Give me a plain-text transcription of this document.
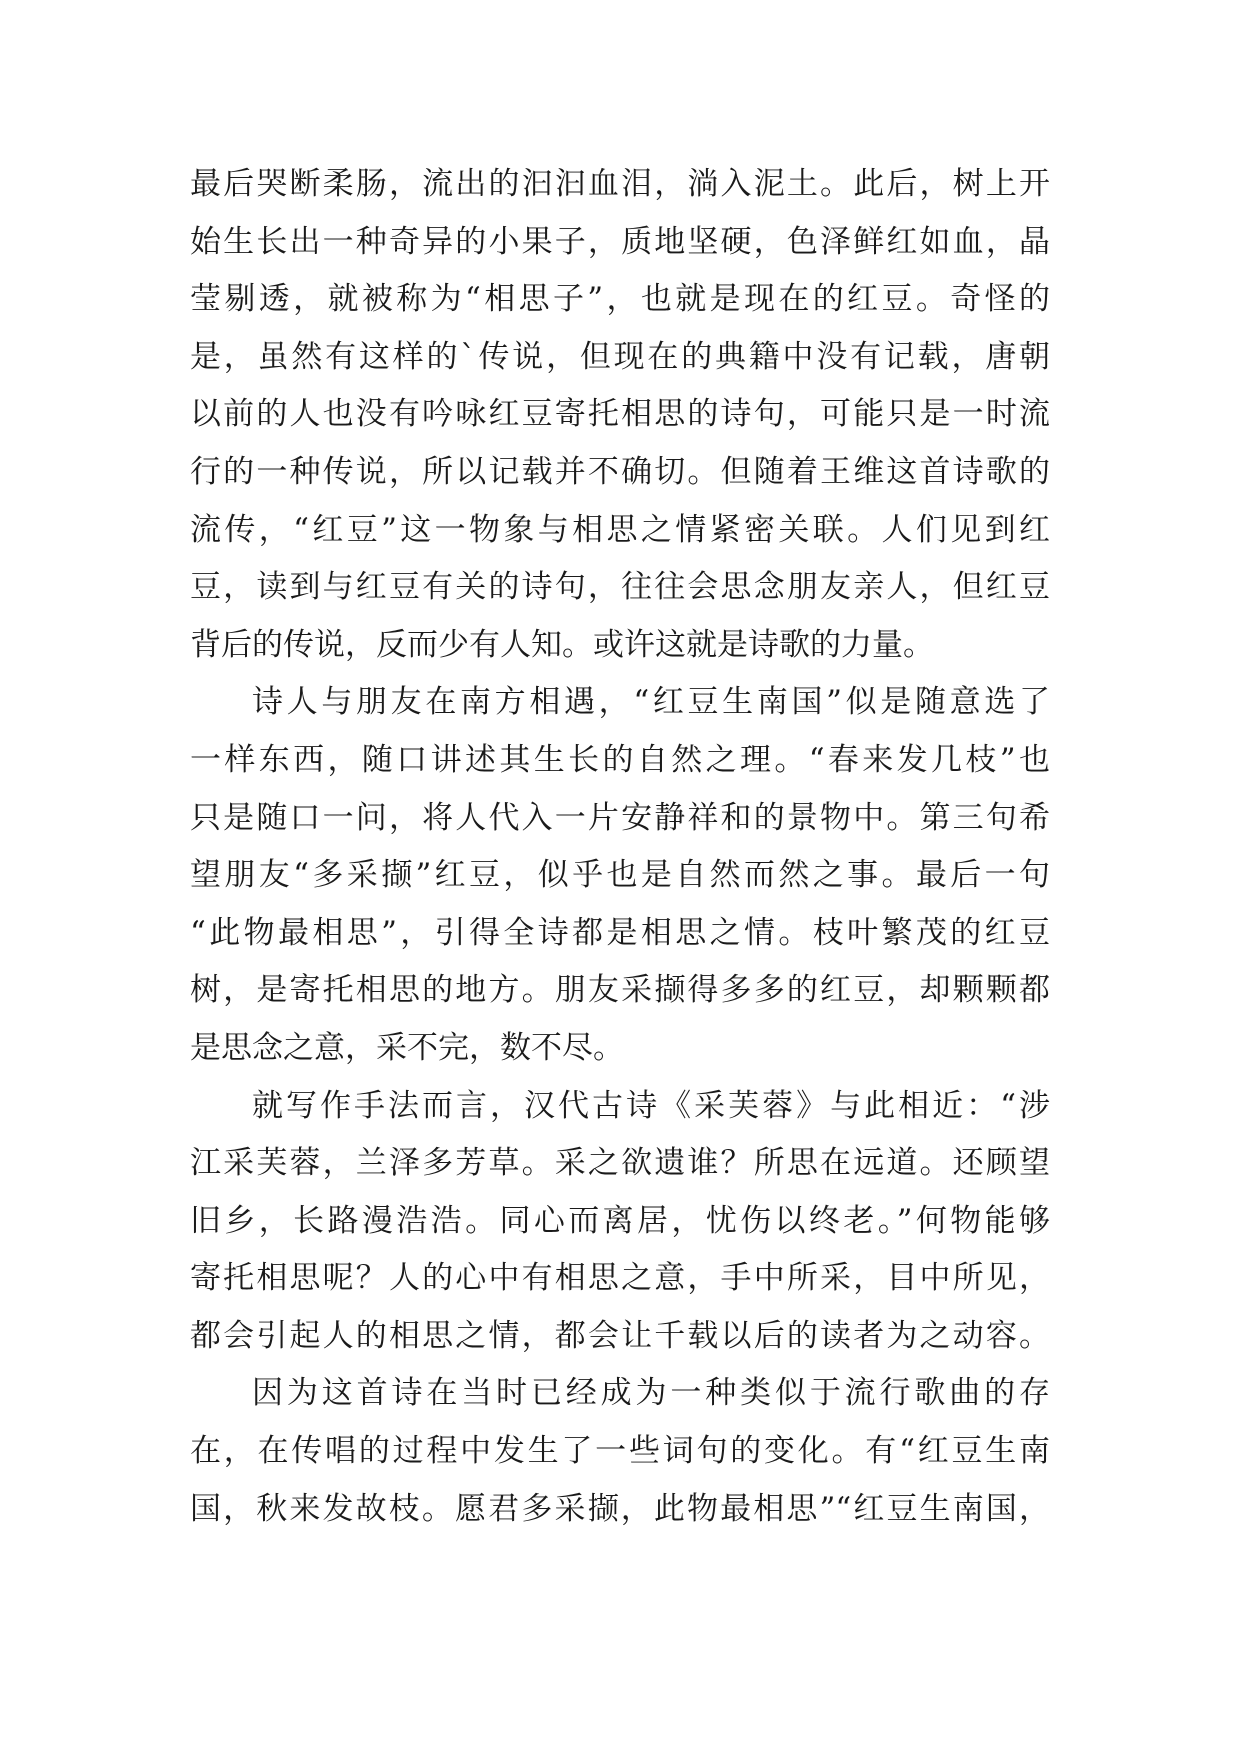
最后哭断柔肠，流出的汩汩血泪，淌入泥土。此后，树上开
始生长出一种奇异的小果子，质地坚硬，色泽鲜红如血，晶
莹剔透，就被称为“相思子”，也就是现在的红豆。奇怪的
是，虽然有这样的`传说，但现在的典籍中没有记载，唐朝
以前的人也没有吟咏红豆寄托相思的诗句，可能只是一时流
行的一种传说，所以记载并不确切。但随着王维这首诗歌的
流传，“红豆”这一物象与相思之情紧密关联。人们见到红
豆，读到与红豆有关的诗句，往往会思念朋友亲人，但红豆
背后的传说，反而少有人知。或许这就是诗歌的力量。
诗人与朋友在南方相遇，“红豆生南国”似是随意选了
一样东西，随口讲述其生长的自然之理。“春来发几枝”也
只是随口一问，将人代入一片安静祥和的景物中。第三句希
望朋友“多采撷”红豆，似乎也是自然而然之事。最后一句
“此物最相思”，引得全诗都是相思之情。枝叶繁茂的红豆
树，是寄托相思的地方。朋友采撷得多多的红豆，却颗颗都
是思念之意，采不完，数不尽。
就写作手法而言，汉代古诗《采芙蓉》与此相近：“涉
江采芙蓉，兰泽多芳草。采之欲遗谁？所思在远道。还顾望
旧乡，长路漫浩浩。同心而离居，忧伤以终老。”何物能够
寄托相思呢？人的心中有相思之意，手中所采，目中所见，
都会引起人的相思之情，都会让千载以后的读者为之动容。
因为这首诗在当时已经成为一种类似于流行歌曲的存
在，在传唱的过程中发生了一些词句的变化。有“红豆生南
国，秋来发故枝。愿君多采撷，此物最相思”“红豆生南国，
